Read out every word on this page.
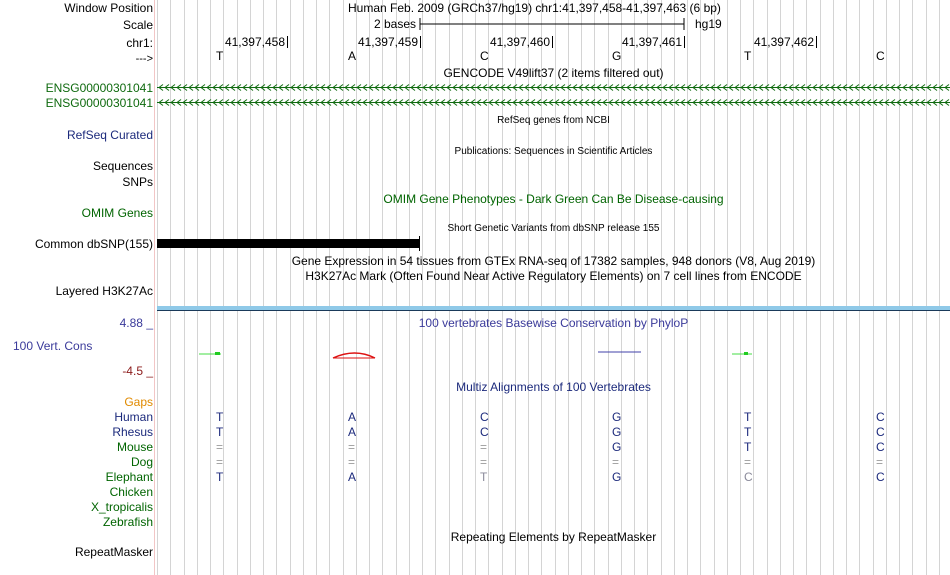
Window Position	Human Feb. 2009 (GRCh37/hg19) chr1:41,397,458-41,397,463 (6 bp)
Scale	2 bases	hg19
chr1:	41,397,458	41,397,459	41,397,460	41,397,461	41,397,462
--->	T	A	C	G	T	C
GENCODE V49lift37 (2 items filtered out)
ENSG00000301041
ENSG00000301041
RefSeq genes from NCBI
RefSeq Curated
Publications: Sequences in Scientific Articles
Sequences
SNPs
OMIM Gene Phenotypes - Dark Green Can Be Disease-causing
OMIM Genes
Short Genetic Variants from dbSNP release 155
Common dbSNP(155)
Gene Expression in 54 tissues from GTEx RNA-seq of 17382 samples, 948 donors (V8, Aug 2019)
H3K27Ac Mark (Often Found Near Active Regulatory Elements) on 7 cell lines from ENCODE
Layered H3K27Ac
4.88 _	100 vertebrates Basewise Conservation by PhyloP
100 Vert. Cons
-4.5 _
Multiz Alignments of 100 Vertebrates
Gaps
Human	T	A	C	G	T	C
Rhesus	T	A	C	G	T	C
Mouse	=	=	=	G	T	C
Dog	=	=	=	=	=	=
Elephant	T	A	T	G	C	C
Chicken
X_tropicalis
Zebrafish
Repeating Elements by RepeatMasker
RepeatMasker
